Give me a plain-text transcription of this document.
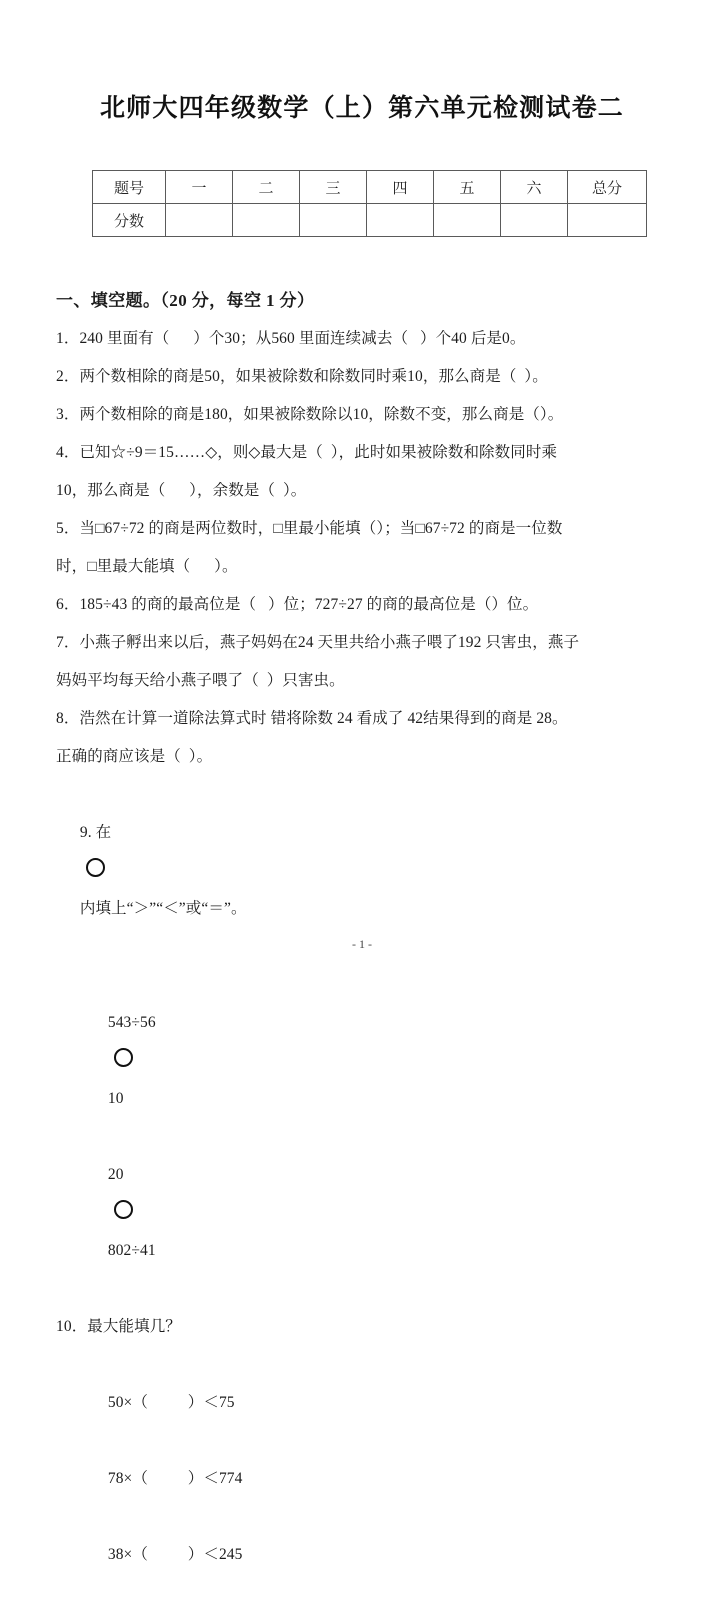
北师大四年级数学（上）第六单元检测试卷二
题号	一	二	三	四	五	六	总分
分数							
一、填空题。（20 分，每空 1 分）
1．240 里面有（      ）个30；从560 里面连续减去（   ）个40 后是0。
2．两个数相除的商是50，如果被除数和除数同时乘10，那么商是（  ）。
3．两个数相除的商是180，如果被除数除以10，除数不变，那么商是（）。
4．已知☆÷9＝15……◇，则◇最大是（  ），此时如果被除数和除数同时乘
10，那么商是（      ），余数是（  ）。
5．当□67÷72 的商是两位数时，□里最小能填（）；当□67÷72 的商是一位数
时，□里最大能填（      ）。
6．185÷43 的商的最高位是（   ）位；727÷27 的商的最高位是（）位。
7．小燕子孵出来以后，燕子妈妈在24 天里共给小燕子喂了192 只害虫，燕子
妈妈平均每天给小燕子喂了（  ）只害虫。
8．浩然在计算一道除法算式时 错将除数 24 看成了 42结果得到的商是 28。
正确的商应该是（  ）。

9. 在

内填上“＞”“＜”或“＝”。

543÷56

10

20

802÷41

10．最大能填几？

50×（          ）＜75

78×（          ）＜774

38×（          ）＜245

- 1 -
